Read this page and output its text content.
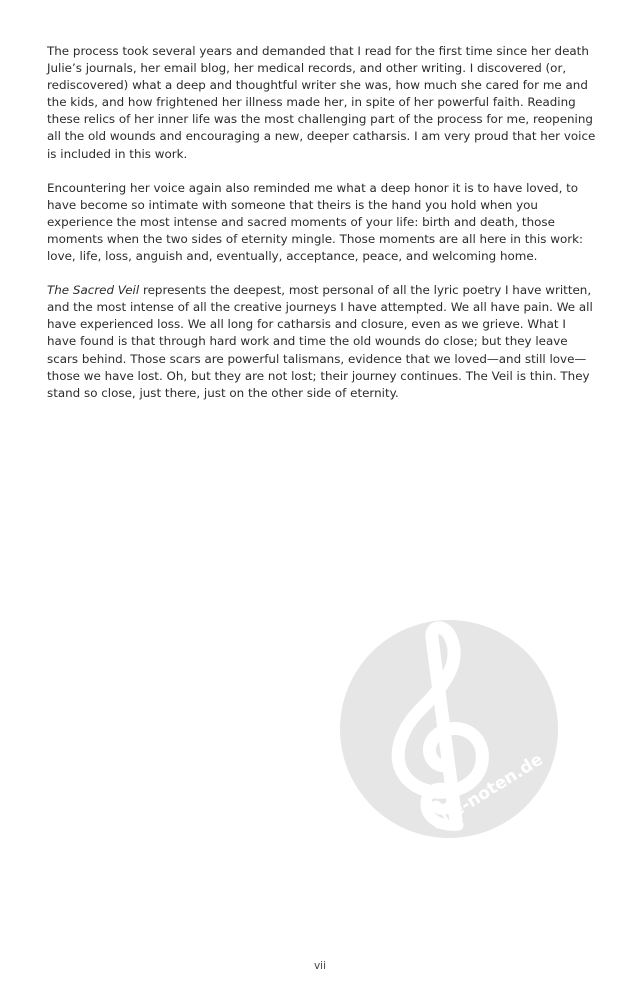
The process took several years and demanded that I read for the first time since her death Julie’s journals, her email blog, her medical records, and other writing. I discovered (or, rediscovered) what a deep and thoughtful writer she was, how much she cared for me and the kids, and how frightened her illness made her, in spite of her powerful faith. Reading these relics of her inner life was the most challenging part of the process for me, reopening all the old wounds and encouraging a new, deeper catharsis. I am very proud that her voice is included in this work.

Encountering her voice again also reminded me what a deep honor it is to have loved, to have become so intimate with someone that theirs is the hand you hold when you experience the most intense and sacred moments of your life: birth and death, those moments when the two sides of eternity mingle. Those moments are all here in this work: love, life, loss, anguish and, eventually, acceptance, peace, and welcoming home.

The Sacred Veil represents the deepest, most personal of all the lyric poetry I have written, and the most intense of all the creative journeys I have attempted. We all have pain. We all have experienced loss. We all long for catharsis and closure, even as we grieve. What I have found is that through hard work and time the old wounds do close; but they leave scars behind. Those scars are powerful talismans, evidence that we loved—and still love—those we have lost. Oh, but they are not lost; their journey continues. The Veil is thin. They stand so close, just there, just on the other side of eternity.

alle-noten.de
vii
